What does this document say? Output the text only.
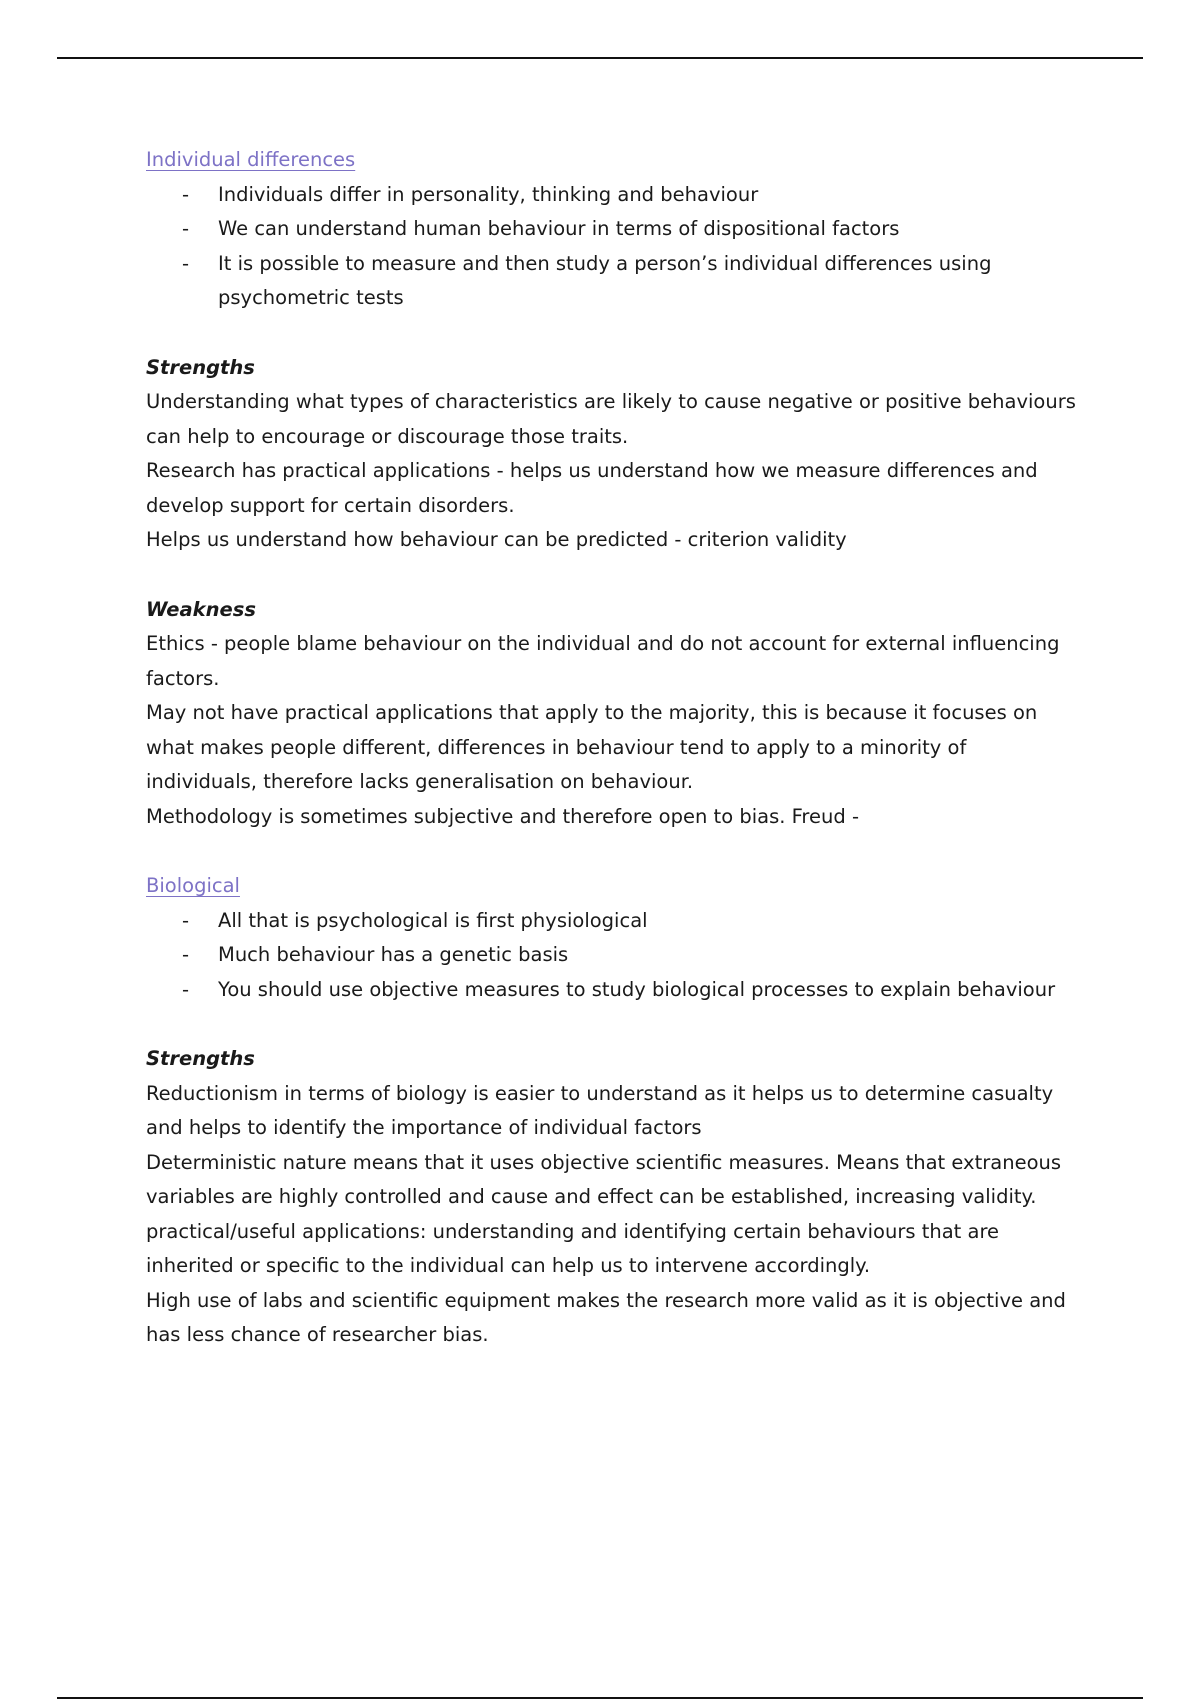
Individual differences
- Individuals differ in personality, thinking and behaviour
- We can understand human behaviour in terms of dispositional factors
- It is possible to measure and then study a person’s individual differences using psychometric tests

Strengths

Understanding what types of characteristics are likely to cause negative or positive behaviours can help to encourage or discourage those traits.

Research has practical applications - helps us understand how we measure differences and develop support for certain disorders.

Helps us understand how behaviour can be predicted - criterion validity

Weakness

Ethics - people blame behaviour on the individual and do not account for external influencing factors.

May not have practical applications that apply to the majority, this is because it focuses on what makes people different, differences in behaviour tend to apply to a minority of individuals, therefore lacks generalisation on behaviour.

Methodology is sometimes subjective and therefore open to bias. Freud -

Biological
- All that is psychological is first physiological
- Much behaviour has a genetic basis
- You should use objective measures to study biological processes to explain behaviour

Strengths

Reductionism in terms of biology is easier to understand as it helps us to determine casualty and helps to identify the importance of individual factors

Deterministic nature means that it uses objective scientific measures. Means that extraneous variables are highly controlled and cause and effect can be established, increasing validity.

practical/useful applications: understanding and identifying certain behaviours that are inherited or specific to the individual can help us to intervene accordingly.

High use of labs and scientific equipment makes the research more valid as it is objective and has less chance of researcher bias.
